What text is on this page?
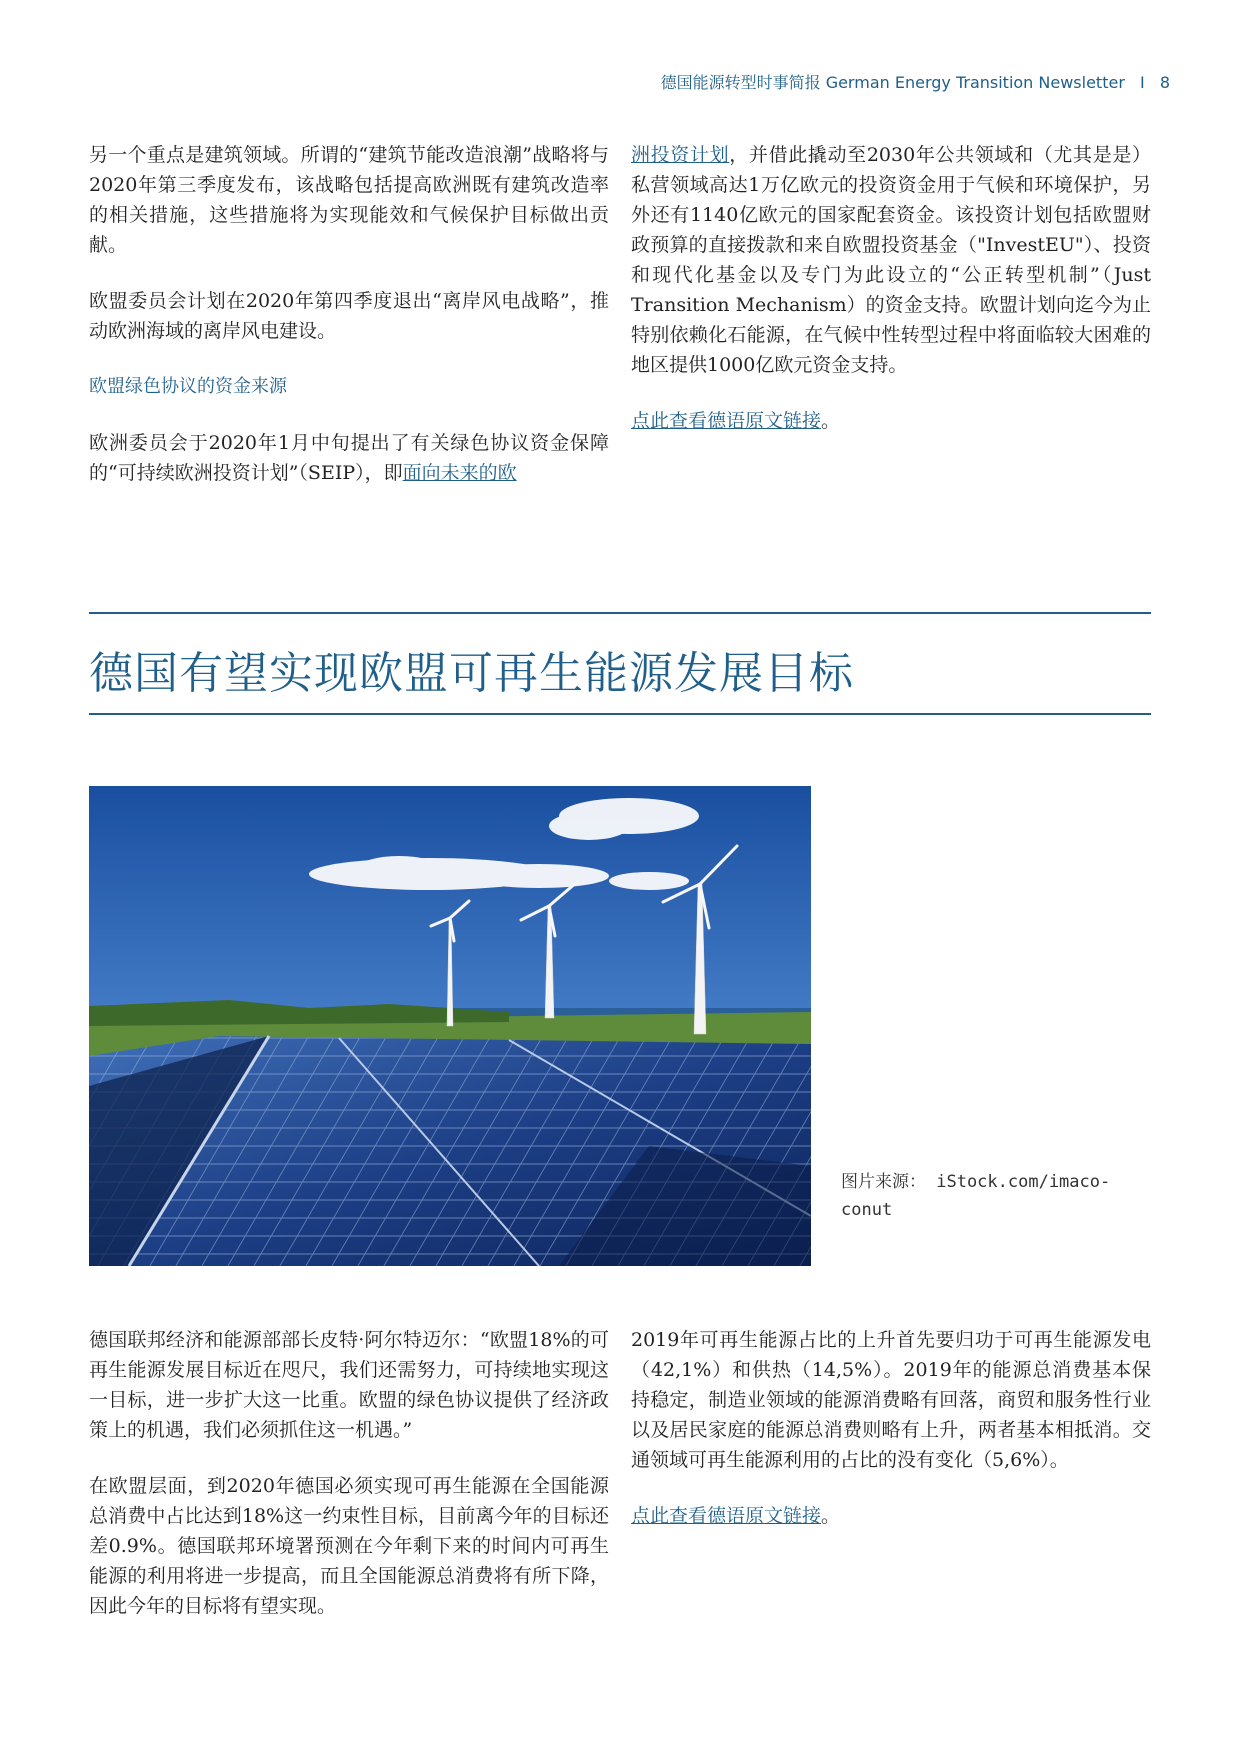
德国能源转型时事简报 German Energy Transition Newsletter I 8

另一个重点是建筑领域。所谓的“建筑节能改造浪潮”战略将与2020年第三季度发布，该战略包括提高欧洲既有建筑改造率的相关措施，这些措施将为实现能效和气候保护目标做出贡献。

欧盟委员会计划在2020年第四季度退出“离岸风电战略”，推动欧洲海域的离岸风电建设。

欧盟绿色协议的资金来源

欧洲委员会于2020年1月中旬提出了有关绿色协议资金保障的“可持续欧洲投资计划”（SEIP），即面向未来的欧

洲投资计划，并借此撬动至2030年公共领域和（尤其是是）私营领域高达1万亿欧元的投资资金用于气候和环境保护，另外还有1140亿欧元的国家配套资金。该投资计划包括欧盟财政预算的直接拨款和来自欧盟投资基金（"InvestEU"）、投资和现代化基金以及专门为此设立的“公正转型机制”（Just Transition Mechanism）的资金支持。欧盟计划向迄今为止特别依赖化石能源，在气候中性转型过程中将面临较大困难的地区提供1000亿欧元资金支持。

点此查看德语原文链接。

德国有望实现欧盟可再生能源发展目标
图片来源： iStock.com/imaco-conut

德国联邦经济和能源部部长皮特·阿尔特迈尔：“欧盟18%的可再生能源发展目标近在咫尺，我们还需努力，可持续地实现这一目标，进一步扩大这一比重。欧盟的绿色协议提供了经济政策上的机遇，我们必须抓住这一机遇。”

在欧盟层面，到2020年德国必须实现可再生能源在全国能源总消费中占比达到18%这一约束性目标，目前离今年的目标还差0.9%。德国联邦环境署预测在今年剩下来的时间内可再生能源的利用将进一步提高，而且全国能源总消费将有所下降，因此今年的目标将有望实现。

2019年可再生能源占比的上升首先要归功于可再生能源发电（42,1%）和供热（14,5%）。2019年的能源总消费基本保持稳定，制造业领域的能源消费略有回落，商贸和服务性行业以及居民家庭的能源总消费则略有上升，两者基本相抵消。交通领域可再生能源利用的占比的没有变化（5,6%）。

点此查看德语原文链接。
